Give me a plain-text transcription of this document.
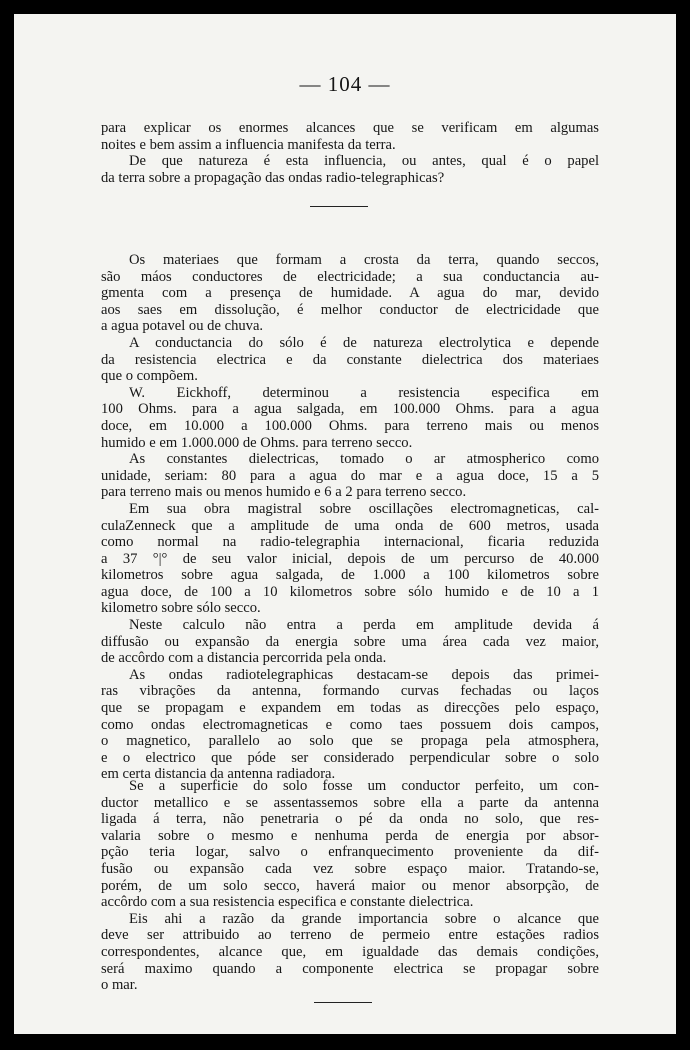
— 104 —
para explicar os enormes alcances que se verificam em algumas
noites e bem assim a influencia manifesta da terra.
De que natureza é esta influencia, ou antes, qual é o papel
da terra sobre a propagação das ondas radio-telegraphicas?
Os materiaes que formam a crosta da terra, quando seccos,
são máos conductores de electricidade; a sua conductancia au-
gmenta com a presença de humidade. A agua do mar, devido
aos saes em dissolução, é melhor conductor de electricidade que
a agua potavel ou de chuva.
A conductancia do sólo é de natureza electrolytica e depende
da resistencia electrica e da constante dielectrica dos materiaes
que o compõem.
W. Eickhoff, determinou a resistencia especifica em
100 Ohms. para a agua salgada, em 100.000 Ohms. para a agua
doce, em 10.000 a 100.000 Ohms. para terreno mais ou menos
humido e em 1.000.000 de Ohms. para terreno secco.
As constantes dielectricas, tomado o ar atmospherico como
unidade, seriam: 80 para a agua do mar e a agua doce, 15 a 5
para terreno mais ou menos humido e 6 a 2 para terreno secco.
Em sua obra magistral sobre oscillações electromagneticas, cal-
culaZenneck que a amplitude de uma onda de 600 metros, usada
como normal na radio-telegraphia internacional, ficaria reduzida
a 37 °|° de seu valor inicial, depois de um percurso de 40.000
kilometros sobre agua salgada, de 1.000 a 100 kilometros sobre
agua doce, de 100 a 10 kilometros sobre sólo humido e de 10 a 1
kilometro sobre sólo secco.
Neste calculo não entra a perda em amplitude devida á
diffusão ou expansão da energia sobre uma área cada vez maior,
de accôrdo com a distancia percorrida pela onda.
As ondas radiotelegraphicas destacam-se depois das primei-
ras vibrações da antenna, formando curvas fechadas ou laços
que se propagam e expandem em todas as direcções pelo espaço,
como ondas electromagneticas e como taes possuem dois campos,
o magnetico, parallelo ao solo que se propaga pela atmosphera,
e o electrico que póde ser considerado perpendicular sobre o solo
em certa distancia da antenna radiadora.
Se a superficie do solo fosse um conductor perfeito, um con-
ductor metallico e se assentassemos sobre ella a parte da antenna
ligada á terra, não penetraria o pé da onda no solo, que res-
valaria sobre o mesmo e nenhuma perda de energia por absor-
pção teria logar, salvo o enfranquecimento proveniente da dif-
fusão ou expansão cada vez sobre espaço maior. Tratando-se,
porém, de um solo secco, haverá maior ou menor absorpção, de
accôrdo com a sua resistencia especifica e constante dielectrica.
Eis ahi a razão da grande importancia sobre o alcance que
deve ser attribuido ao terreno de permeio entre estações radios
correspondentes, alcance que, em igualdade das demais condições,
será maximo quando a componente electrica se propagar sobre
o mar.
